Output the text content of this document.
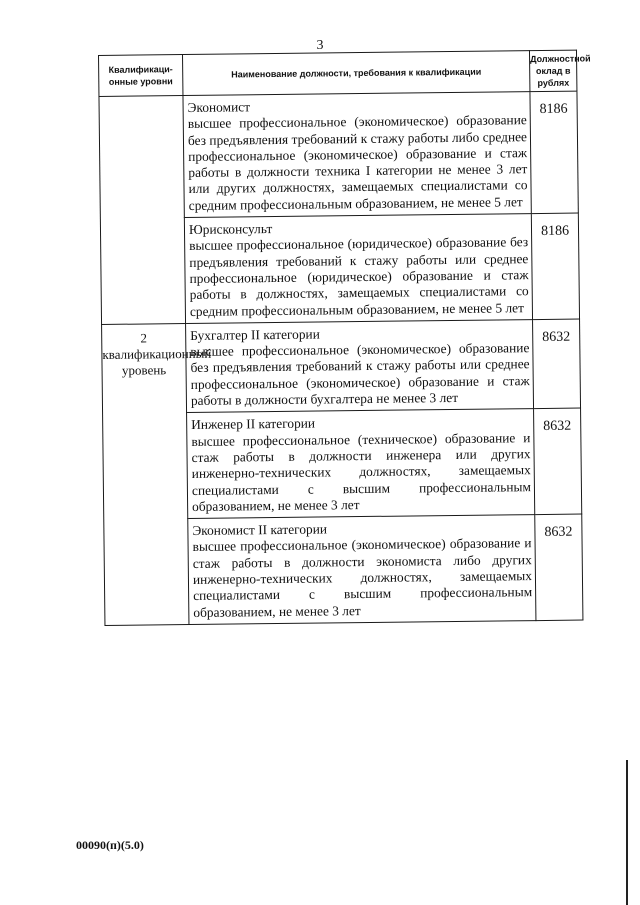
3
Квалификаци-онные уровни	Наименование должности, требования к квалификации	Должностной оклад в рублях

	Экономист
высшее профессиональное (экономическое) образование без предъявления требований к стажу работы либо среднее профессиональное (экономическое) образование и стаж работы в должности техника I категории не менее 3 лет или других должностях, замещаемых специалистами со средним профессиональным образованием, не менее 5 лет	8186

	Юрисконсульт
высшее профессиональное (юридическое) образование без предъявления требований к стажу работы или среднее профессиональное (юридическое) образование и стаж работы в должностях, замещаемых специалистами со средним профессиональным образованием, не менее 5 лет	8186
2 квалификационный уровень	Бухгалтер II категории
высшее профессиональное (экономическое) образование без предъявления требований к стажу работы или среднее профессиональное (экономическое) образование и стаж работы в должности бухгалтера не менее 3 лет	8632

	Инженер II категории
высшее профессиональное (техническое) образование и стаж работы в должности инженера или других инженерно-технических должностях, замещаемых специалистами с высшим профессиональным образованием, не менее 3 лет	8632

	Экономист II категории
высшее профессиональное (экономическое) образование и стаж работы в должности экономиста либо других инженерно-технических должностях, замещаемых специалистами с высшим профессиональным образованием, не менее 3 лет	8632
00090(п)(5.0)
